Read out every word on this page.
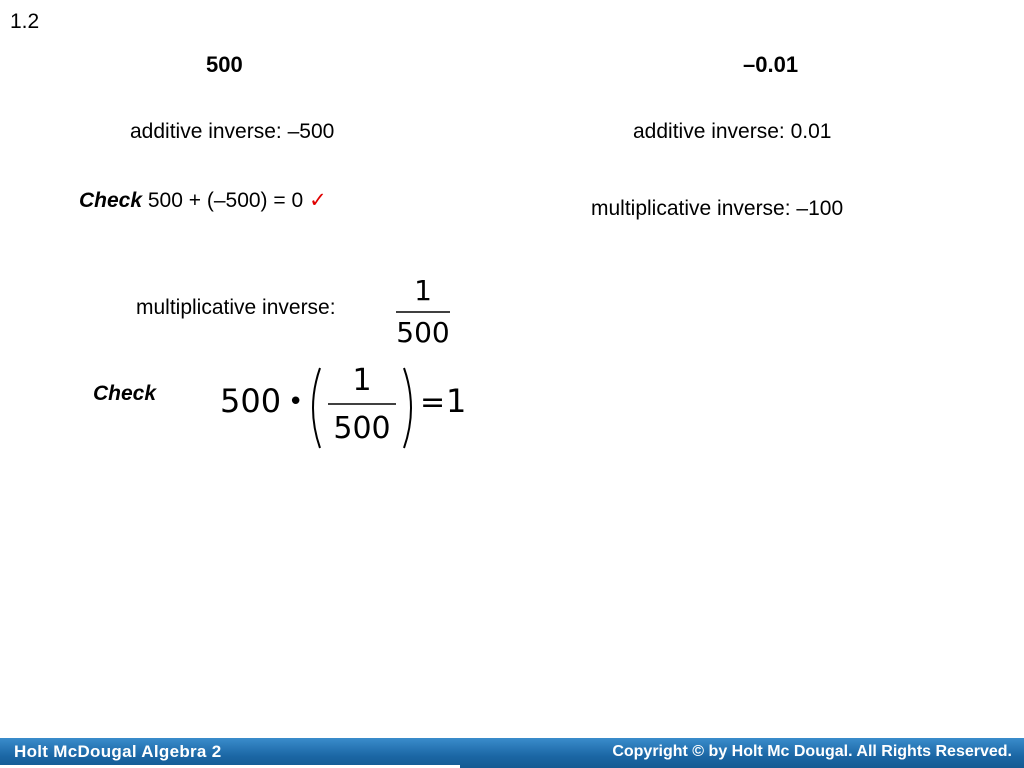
1.2
500	–0.01
additive inverse: –500	additive inverse: 0.01
Check 500 + (–500) = 0 ✓	multiplicative inverse: –100
multiplicative inverse:
1
500
Check 500 •
1
500
= 1
Holt McDougal Algebra 2	Copyright © by Holt Mc Dougal. All Rights Reserved.
